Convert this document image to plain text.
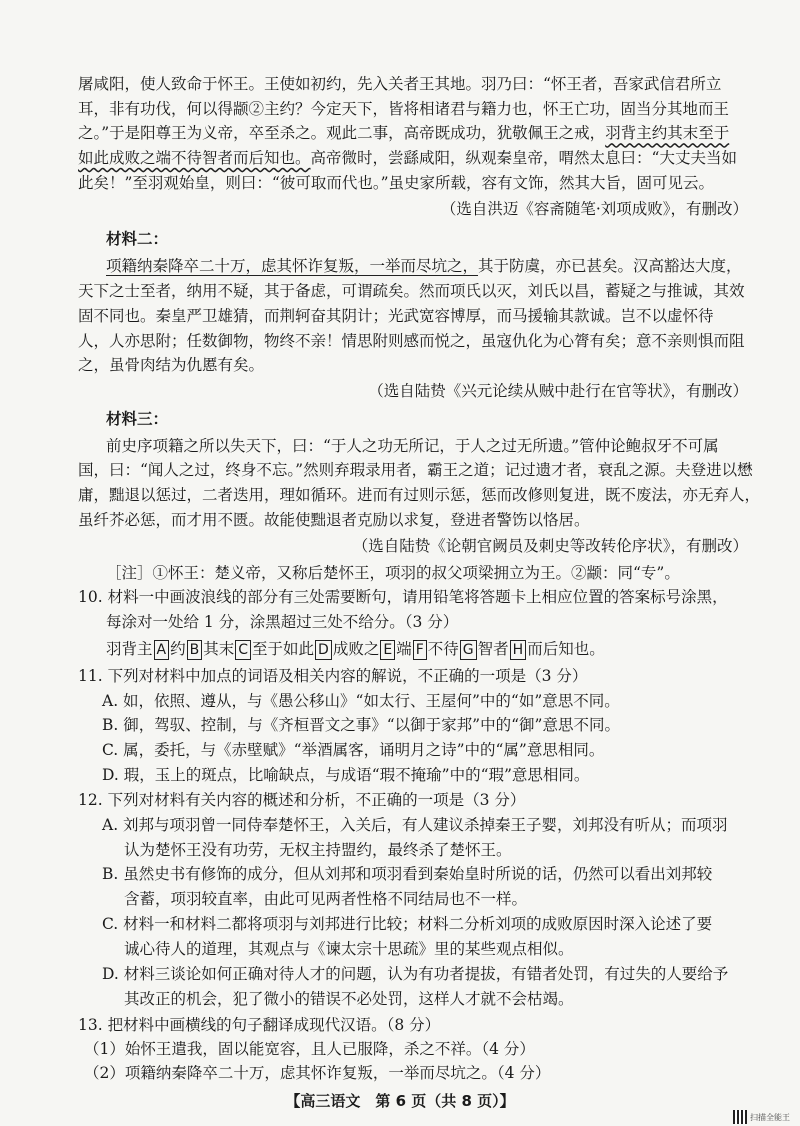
屠咸阳，使人致命于怀王。王使如初约，先入关者王其地。羽乃曰：“怀王者，吾家武信君所立
耳，非有功伐，何以得颛②主约？今定天下，皆将相诸君与籍力也，怀王亡功，固当分其地而王
之。”于是阳尊王为义帝，卒至杀之。观此二事，高帝既成功，犹敬佩王之戒，羽背主约其末至于
如此成败之端不待智者而后知也。高帝微时，尝繇咸阳，纵观秦皇帝，喟然太息曰：“大丈夫当如
此矣！”至羽观始皇，则曰：“彼可取而代也。”虽史家所载，容有文饰，然其大旨，固可见云。
（选自洪迈《容斋随笔·刘项成败》，有删改）
材料二：
项籍纳秦降卒二十万，虑其怀诈复叛，一举而尽坑之，其于防虞，亦已甚矣。汉高豁达大度，
天下之士至者，纳用不疑，其于备虑，可谓疏矣。然而项氏以灭，刘氏以昌，蓄疑之与推诚，其效
固不同也。秦皇严卫雄猜，而荆轲奋其阴计；光武宽容博厚，而马援输其款诚。岂不以虚怀待
人，人亦思附；任数御物，物终不亲！情思附则感而悦之，虽寇仇化为心膂有矣；意不亲则惧而阻
之，虽骨肉结为仇慝有矣。
（选自陆贽《兴元论续从贼中赴行在官等状》，有删改）
材料三：
前史序项籍之所以失天下，曰：“于人之功无所记，于人之过无所遗。”管仲论鲍叔牙不可属
国，曰：“闻人之过，终身不忘。”然则弃瑕录用者，霸王之道；记过遗才者，衰乱之源。夫登进以懋
庸，黜退以惩过，二者迭用，理如循环。进而有过则示惩，惩而改修则复进，既不废法，亦无弃人，
虽纤芥必惩，而才用不匮。故能使黜退者克励以求复，登进者警饬以恪居。
（选自陆贽《论朝官阙员及刺史等改转伦序状》，有删改）
［注］①怀王：楚义帝，又称后楚怀王，项羽的叔父项梁拥立为王。②颛：同“专”。
10. 材料一中画波浪线的部分有三处需要断句，请用铅笔将答题卡上相应位置的答案标号涂黑，
每涂对一处给 1 分，涂黑超过三处不给分。（3 分）
羽背主 A 约 B 其末 C 至于如此 D 成败之 E 端 F 不待 G 智者 H 而后知也。
11. 下列对材料中加点的词语及相关内容的解说，不正确的一项是（3 分）
A. 如，依照、遵从，与《愚公移山》“如太行、王屋何”中的“如”意思不同。
B. 御，驾驭、控制，与《齐桓晋文之事》“以御于家邦”中的“御”意思不同。
C. 属，委托，与《赤壁赋》“举酒属客，诵明月之诗”中的“属”意思相同。
D. 瑕，玉上的斑点，比喻缺点，与成语“瑕不掩瑜”中的“瑕”意思相同。
12. 下列对材料有关内容的概述和分析，不正确的一项是（3 分）
A. 刘邦与项羽曾一同侍奉楚怀王，入关后，有人建议杀掉秦王子婴，刘邦没有听从；而项羽
认为楚怀王没有功劳，无权主持盟约，最终杀了楚怀王。
B. 虽然史书有修饰的成分，但从刘邦和项羽看到秦始皇时所说的话，仍然可以看出刘邦较
含蓄，项羽较直率，由此可见两者性格不同结局也不一样。
C. 材料一和材料二都将项羽与刘邦进行比较；材料二分析刘项的成败原因时深入论述了要
诚心待人的道理，其观点与《谏太宗十思疏》里的某些观点相似。
D. 材料三谈论如何正确对待人才的问题，认为有功者提拔，有错者处罚，有过失的人要给予
其改正的机会，犯了微小的错误不必处罚，这样人才就不会枯竭。
13. 把材料中画横线的句子翻译成现代汉语。（8 分）
（1）始怀王遣我，固以能宽容，且人已服降，杀之不祥。（4 分）
（2）项籍纳秦降卒二十万，虑其怀诈复叛，一举而尽坑之。（4 分）
【高三语文　第 6 页（共 8 页）】
扫描全能王
